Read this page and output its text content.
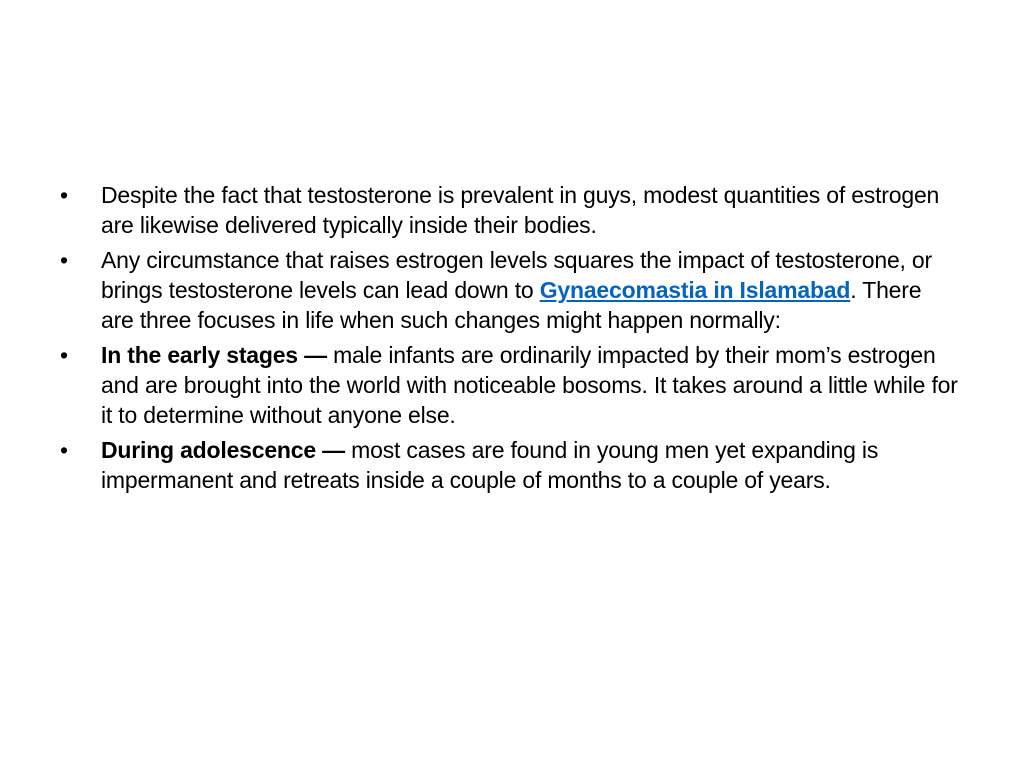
•	Despite the fact that testosterone is prevalent in guys, modest quantities of estrogen are likewise delivered typically inside their bodies.
•	Any circumstance that raises estrogen levels squares the impact of testosterone, or brings testosterone levels can lead down to Gynaecomastia in Islamabad. There are three focuses in life when such changes might happen normally:
•	In the early stages — male infants are ordinarily impacted by their mom’s estrogen and are brought into the world with noticeable bosoms. It takes around a little while for it to determine without anyone else.
•	During adolescence — most cases are found in young men yet expanding is impermanent and retreats inside a couple of months to a couple of years.
